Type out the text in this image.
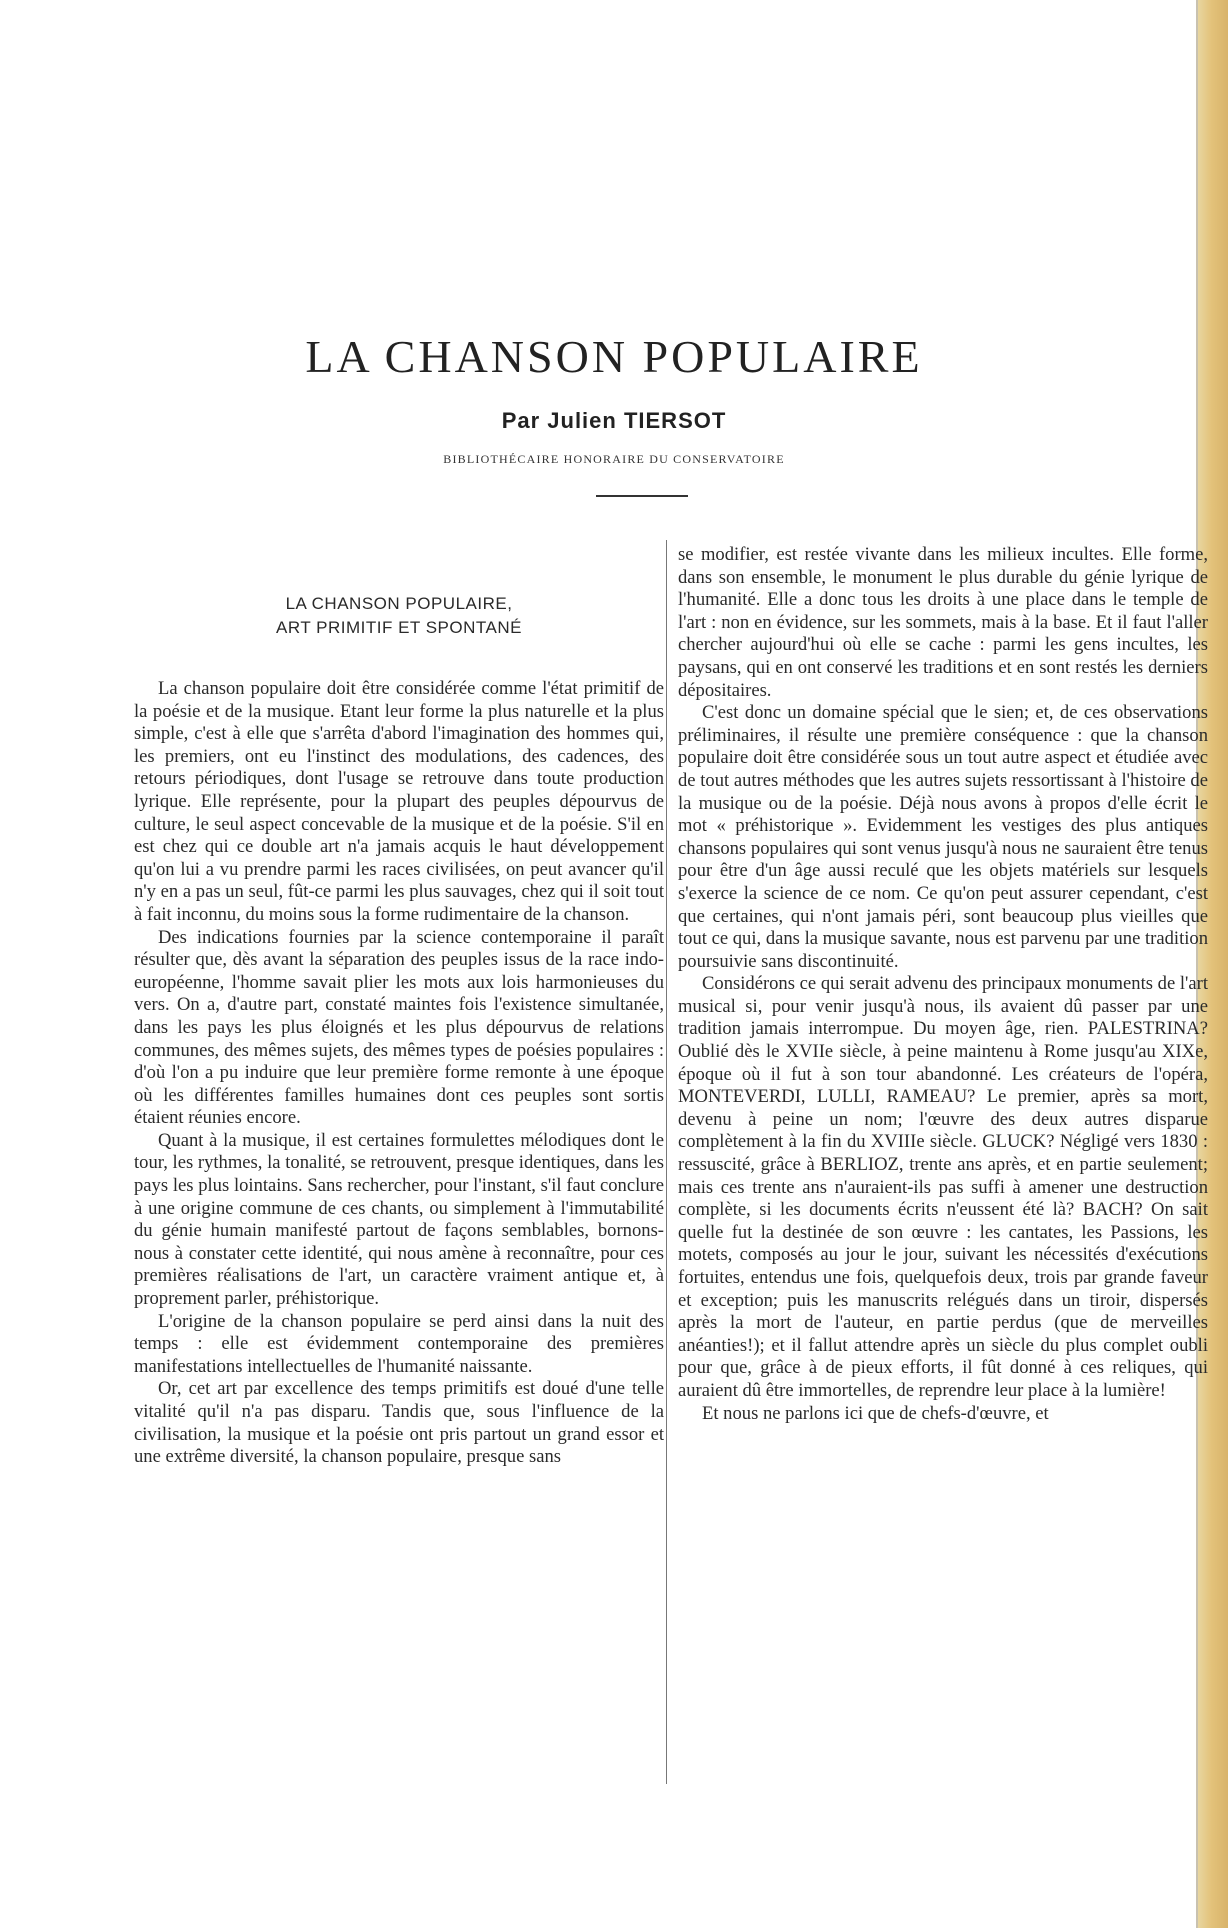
LA CHANSON POPULAIRE
Par Julien TIERSOT
BIBLIOTHÉCAIRE HONORAIRE DU CONSERVATOIRE
LA CHANSON POPULAIRE,
ART PRIMITIF ET SPONTANÉ

La chanson populaire doit être considérée comme l'état primitif de la poésie et de la musique. Etant leur forme la plus naturelle et la plus simple, c'est à elle que s'arrêta d'abord l'imagination des hommes qui, les premiers, ont eu l'instinct des modulations, des cadences, des retours périodiques, dont l'usage se retrouve dans toute production lyrique. Elle représente, pour la plupart des peuples dépourvus de culture, le seul aspect concevable de la musique et de la poésie. S'il en est chez qui ce double art n'a jamais acquis le haut développement qu'on lui a vu prendre parmi les races civilisées, on peut avancer qu'il n'y en a pas un seul, fût-ce parmi les plus sauvages, chez qui il soit tout à fait inconnu, du moins sous la forme rudimentaire de la chanson.

Des indications fournies par la science contemporaine il paraît résulter que, dès avant la séparation des peuples issus de la race indo-européenne, l'homme savait plier les mots aux lois harmonieuses du vers. On a, d'autre part, constaté maintes fois l'existence simultanée, dans les pays les plus éloignés et les plus dépourvus de relations communes, des mêmes sujets, des mêmes types de poésies populaires : d'où l'on a pu induire que leur première forme remonte à une époque où les différentes familles humaines dont ces peuples sont sortis étaient réunies encore.

Quant à la musique, il est certaines formulettes mélodiques dont le tour, les rythmes, la tonalité, se retrouvent, presque identiques, dans les pays les plus lointains. Sans rechercher, pour l'instant, s'il faut conclure à une origine commune de ces chants, ou simplement à l'immutabilité du génie humain manifesté partout de façons semblables, bornons-nous à constater cette identité, qui nous amène à reconnaître, pour ces premières réalisations de l'art, un caractère vraiment antique et, à proprement parler, préhistorique.

L'origine de la chanson populaire se perd ainsi dans la nuit des temps : elle est évidemment contemporaine des premières manifestations intellectuelles de l'humanité naissante.

Or, cet art par excellence des temps primitifs est doué d'une telle vitalité qu'il n'a pas disparu. Tandis que, sous l'influence de la civilisation, la musique et la poésie ont pris partout un grand essor et une extrême diversité, la chanson populaire, presque sans

se modifier, est restée vivante dans les milieux incultes. Elle forme, dans son ensemble, le monument le plus durable du génie lyrique de l'humanité. Elle a donc tous les droits à une place dans le temple de l'art : non en évidence, sur les sommets, mais à la base. Et il faut l'aller chercher aujourd'hui où elle se cache : parmi les gens incultes, les paysans, qui en ont conservé les traditions et en sont restés les derniers dépositaires.

C'est donc un domaine spécial que le sien; et, de ces observations préliminaires, il résulte une première conséquence : que la chanson populaire doit être considérée sous un tout autre aspect et étudiée avec de tout autres méthodes que les autres sujets ressortissant à l'histoire de la musique ou de la poésie. Déjà nous avons à propos d'elle écrit le mot « préhistorique ». Evidemment les vestiges des plus antiques chansons populaires qui sont venus jusqu'à nous ne sauraient être tenus pour être d'un âge aussi reculé que les objets matériels sur lesquels s'exerce la science de ce nom. Ce qu'on peut assurer cependant, c'est que certaines, qui n'ont jamais péri, sont beaucoup plus vieilles que tout ce qui, dans la musique savante, nous est parvenu par une tradition poursuivie sans discontinuité.

Considérons ce qui serait advenu des principaux monuments de l'art musical si, pour venir jusqu'à nous, ils avaient dû passer par une tradition jamais interrompue. Du moyen âge, rien. PALESTRINA? Oublié dès le XVIIe siècle, à peine maintenu à Rome jusqu'au XIXe, époque où il fut à son tour abandonné. Les créateurs de l'opéra, MONTEVERDI, LULLI, RAMEAU? Le premier, après sa mort, devenu à peine un nom; l'œuvre des deux autres disparue complètement à la fin du XVIIIe siècle. GLUCK? Négligé vers 1830 : ressuscité, grâce à BERLIOZ, trente ans après, et en partie seulement; mais ces trente ans n'auraient-ils pas suffi à amener une destruction complète, si les documents écrits n'eussent été là? BACH? On sait quelle fut la destinée de son œuvre : les cantates, les Passions, les motets, composés au jour le jour, suivant les nécessités d'exécutions fortuites, entendus une fois, quelquefois deux, trois par grande faveur et exception; puis les manuscrits relégués dans un tiroir, dispersés après la mort de l'auteur, en partie perdus (que de merveilles anéanties!); et il fallut attendre après un siècle du plus complet oubli pour que, grâce à de pieux efforts, il fût donné à ces reliques, qui auraient dû être immortelles, de reprendre leur place à la lumière!

Et nous ne parlons ici que de chefs-d'œuvre, et
